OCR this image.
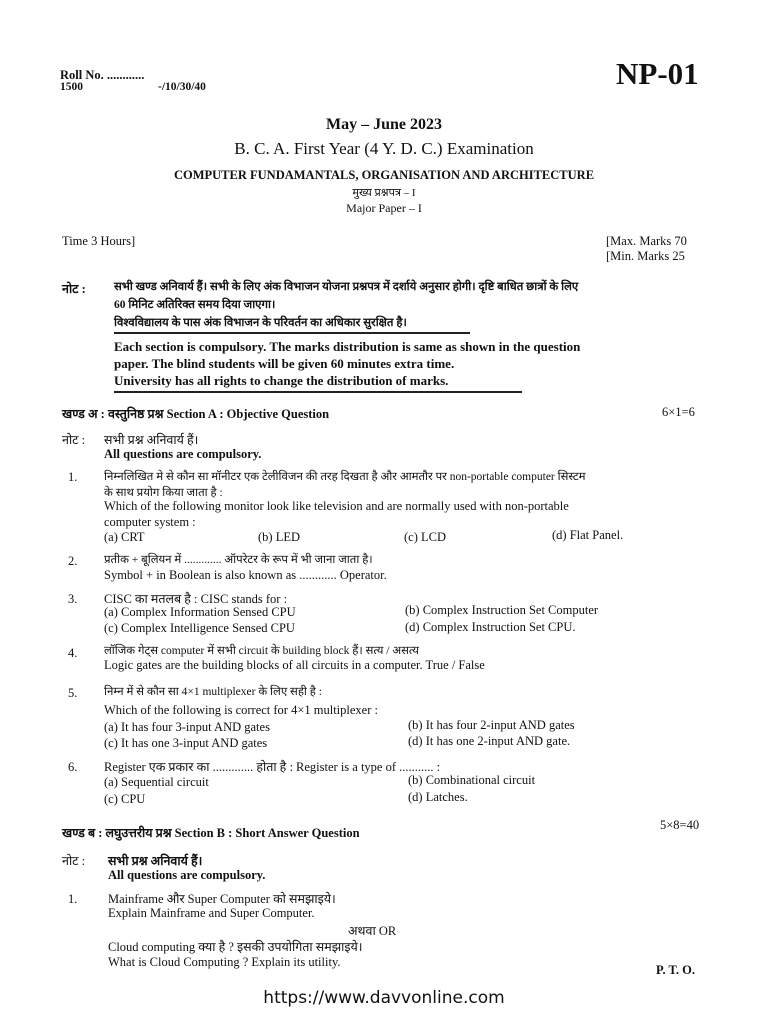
Roll No. ............
1500	-/10/30/40	NP-01
May – June 2023
B. C. A. First Year (4 Y. D. C.) Examination
COMPUTER FUNDAMANTALS, ORGANISATION AND ARCHITECTURE
मुख्य प्रश्नपत्र – I
Major Paper – I
Time 3 Hours]	[Max. Marks 70
[Min. Marks 25
नोट : सभी खण्ड अनिवार्य हैं। सभी के लिए अंक विभाजन योजना प्रश्नपत्र में दर्शाये अनुसार होगी। दृष्टि बाधित छात्रों के लिए
60 मिनिट अतिरिक्त समय दिया जाएगा।
विश्वविद्यालय के पास अंक विभाजन के परिवर्तन का अधिकार सुरक्षित है।
Each section is compulsory. The marks distribution is same as shown in the question
paper. The blind students will be given 60 minutes extra time.
University has all rights to change the distribution of marks.
खण्ड अ : वस्तुनिष्ठ प्रश्न Section A : Objective Question	6×1=6
नोट : सभी प्रश्न अनिवार्य हैं।
All questions are compulsory.
1. निम्नलिखित मे से कौन सा मॉनीटर एक टेलीविजन की तरह दिखता है और आमतौर पर non-portable computer सिस्टम
के साथ प्रयोग किया जाता है :
Which of the following monitor look like television and are normally used with non-portable
computer system :
(a) CRT	(b) LED	(c) LCD	(d) Flat Panel.
2. प्रतीक + बूलियन में ............. ऑपरेटर के रूप में भी जाना जाता है।
Symbol + in Boolean is also known as ............ Operator.
3. CISC का मतलब है : CISC stands for :
(a) Complex Information Sensed CPU	(b) Complex Instruction Set Computer
(c) Complex Intelligence Sensed CPU	(d) Complex Instruction Set CPU.
4. लॉजिक गेट्स computer में सभी circuit के building block हैं। सत्य / असत्य
Logic gates are the building blocks of all circuits in a computer. True / False
5. निम्न में से कौन सा 4×1 multiplexer के लिए सही है :
Which of the following is correct for 4×1 multiplexer :
(a) It has four 3-input AND gates	(b) It has four 2-input AND gates
(c) It has one 3-input AND gates	(d) It has one 2-input AND gate.
6. Register एक प्रकार का ............. होता है : Register is a type of ........... :
(a) Sequential circuit	(b) Combinational circuit
(c) CPU	(d) Latches.
खण्ड ब : लघुउत्तरीय प्रश्न Section B : Short Answer Question
5×8=40
नोट : सभी प्रश्न अनिवार्य हैं।
All questions are compulsory.
1. Mainframe और Super Computer को समझाइये।
Explain Mainframe and Super Computer.
अथवा OR
Cloud computing क्या है ? इसकी उपयोगिता समझाइये।
What is Cloud Computing ? Explain its utility.
P. T. O.
https://www.davvonline.com
